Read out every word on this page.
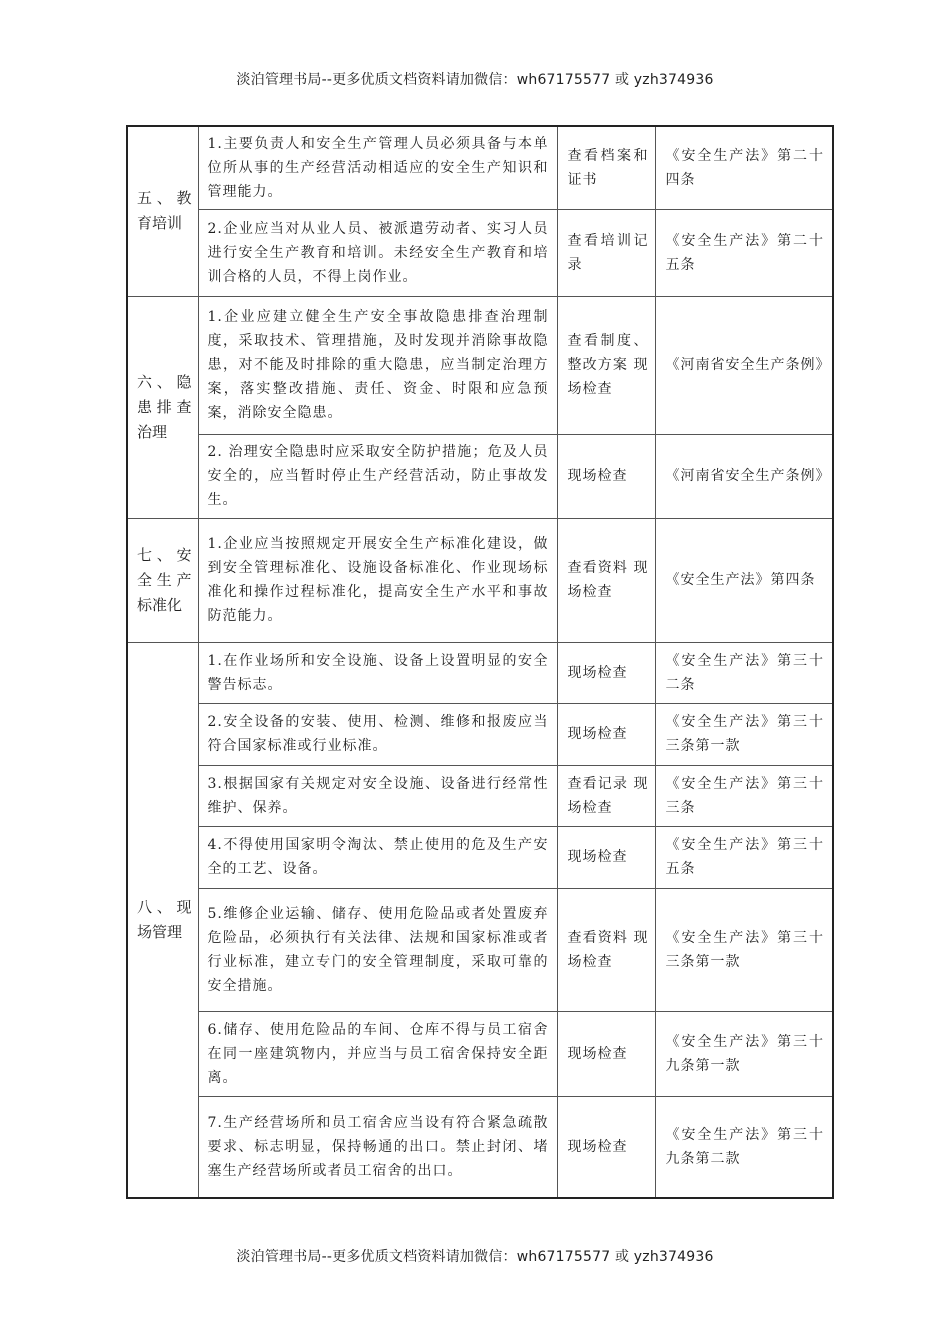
淡泊管理书局--更多优质文档资料请加微信：wh67175577 或 yzh374936
五、教育培训	1.主要负责人和安全生产管理人员必须具备与本单位所从事的生产经营活动相适应的安全生产知识和管理能力。	查看档案和证书	《安全生产法》第二十四条
	2.企业应当对从业人员、被派遣劳动者、实习人员进行安全生产教育和培训。未经安全生产教育和培训合格的人员，不得上岗作业。	查看培训记录	《安全生产法》第二十五条
六、隐患排查治理	1.企业应建立健全生产安全事故隐患排查治理制度，采取技术、管理措施，及时发现并消除事故隐患，对不能及时排除的重大隐患，应当制定治理方案，落实整改措施、责任、资金、时限和应急预案，消除安全隐患。	查看制度、整改方案 现场检查	《河南省安全生产条例》
	2. 治理安全隐患时应采取安全防护措施；危及人员安全的，应当暂时停止生产经营活动，防止事故发生。	现场检查	《河南省安全生产条例》
七、安全生产标准化	1.企业应当按照规定开展安全生产标准化建设，做到安全管理标准化、设施设备标准化、作业现场标准化和操作过程标准化，提高安全生产水平和事故防范能力。	查看资料 现场检查	《安全生产法》第四条
八、现场管理	1.在作业场所和安全设施、设备上设置明显的安全警告标志。	现场检查	《安全生产法》第三十二条
	2.安全设备的安装、使用、检测、维修和报废应当符合国家标准或行业标准。	现场检查	《安全生产法》第三十三条第一款
	3.根据国家有关规定对安全设施、设备进行经常性维护、保养。	查看记录 现场检查	《安全生产法》第三十三条
	4.不得使用国家明令淘汰、禁止使用的危及生产安全的工艺、设备。	现场检查	《安全生产法》第三十五条
	5.维修企业运输、储存、使用危险品或者处置废弃危险品，必须执行有关法律、法规和国家标准或者行业标准，建立专门的安全管理制度，采取可靠的安全措施。	查看资料 现场检查	《安全生产法》第三十三条第一款
	6.储存、使用危险品的车间、仓库不得与员工宿舍在同一座建筑物内，并应当与员工宿舍保持安全距离。	现场检查	《安全生产法》第三十九条第一款
	7.生产经营场所和员工宿舍应当设有符合紧急疏散要求、标志明显，保持畅通的出口。禁止封闭、堵塞生产经营场所或者员工宿舍的出口。	现场检查	《安全生产法》第三十九条第二款
淡泊管理书局--更多优质文档资料请加微信：wh67175577 或 yzh374936
